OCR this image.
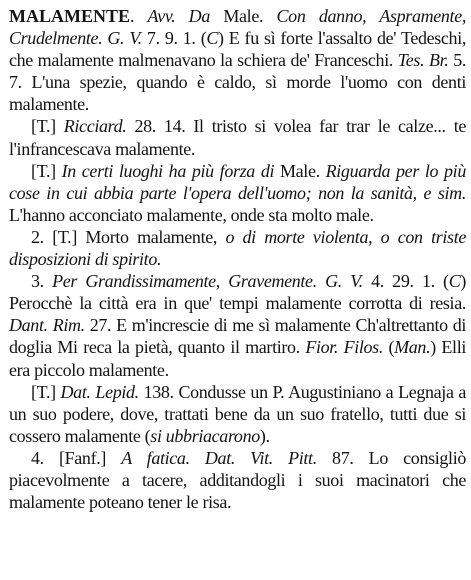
MALAMENTE. Avv. Da Male. Con danno, Aspramente, Crudelmente. G. V. 7. 9. 1. (C) E fu sì forte l'assalto de' Tedeschi, che malamente malmenavano la schiera de' Franceschi. Tes. Br. 5. 7. L'una spezie, quando è caldo, sì morde l'uomo con denti malamente.

[T.] Ricciard. 28. 14. Il tristo si volea far trar le calze... te l'infrancescava malamente.

[T.] In certi luoghi ha più forza di Male. Riguarda per lo più cose in cui abbia parte l'opera dell'uomo; non la sanità, e sim. L'hanno acconciato malamente, onde sta molto male.

2. [T.] Morto malamente, o di morte violenta, o con triste disposizioni di spirito.

3. Per Grandissimamente, Gravemente. G. V. 4. 29. 1. (C) Perocchè la città era in que' tempi malamente corrotta di resia. Dant. Rim. 27. E m'increscie di me sì malamente Ch'altrettanto di doglia Mi reca la pietà, quanto il martiro. Fior. Filos. (Man.) Elli era piccolo malamente.

[T.] Dat. Lepid. 138. Condusse un P. Augustiniano a Legnaja a un suo podere, dove, trattati bene da un suo fratello, tutti due si cossero malamente (si ubbriacarono).

4. [Fanf.] A fatica. Dat. Vit. Pitt. 87. Lo consigliò piacevolmente a tacere, additandogli i suoi macinatori che malamente poteano tener le risa.
